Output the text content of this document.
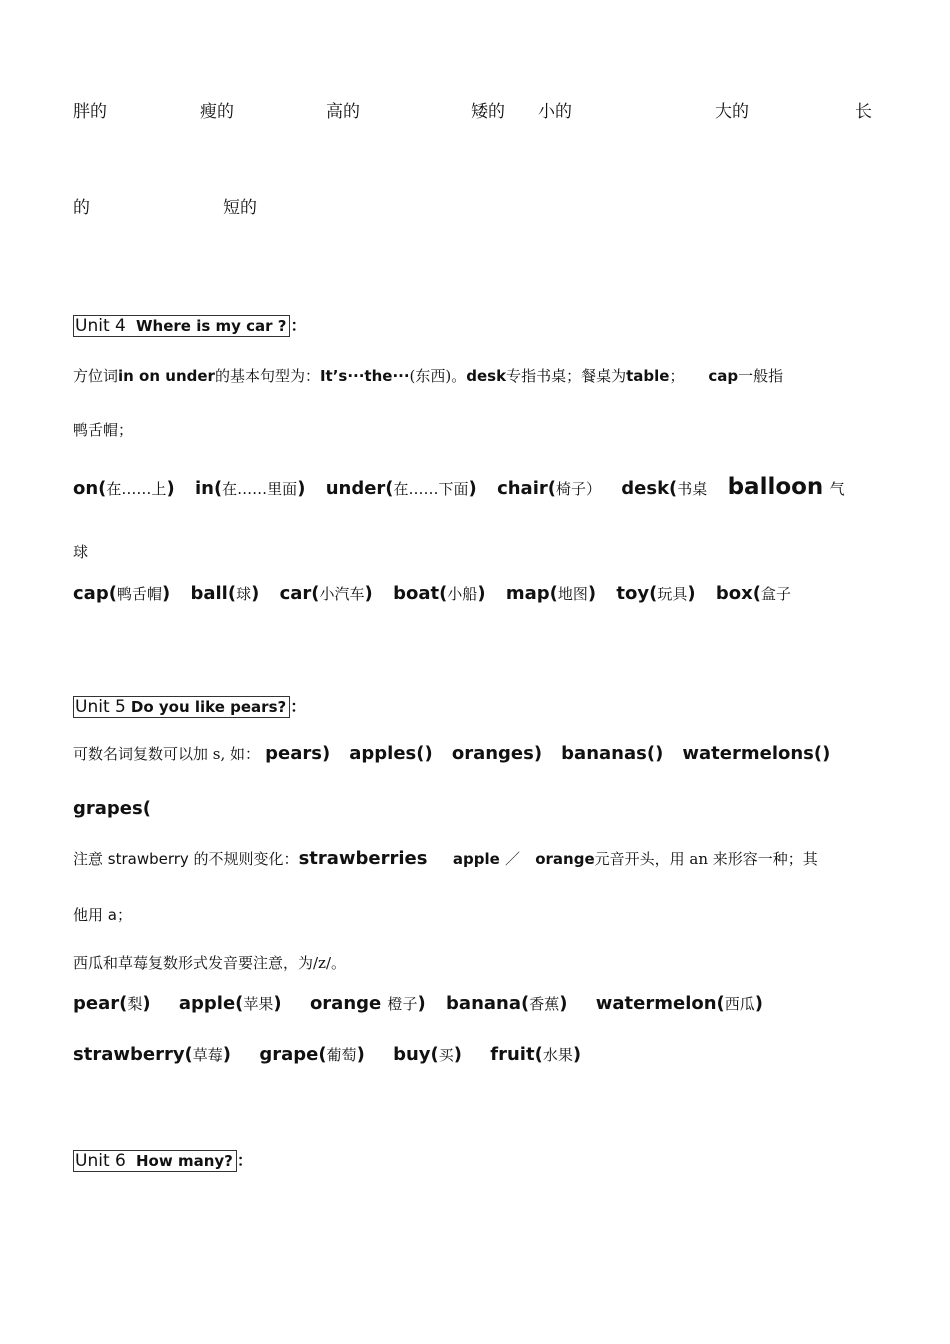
胖的	瘦的	高的	矮的 小的	大的	长
的	短的
Unit 4 Where is my car ? ：
方位词in on under的基本句型为：It’s···the···(东西)。desk专指书桌；餐桌为table； cap一般指
鸭舌帽；
on(在……上) in(在……里面) under(在……下面) chair(椅子） desk(书桌 balloon 气
球
cap(鸭舌帽) ball(球) car(小汽车) boat(小船) map(地图) toy(玩具) box(盒子
Unit 5 Do you like pears? ：
可数名词复数可以加 s, 如： pears) apples() oranges) bananas() watermelons()
grapes(
注意 strawberry 的不规则变化：strawberries apple ／ orange元音开头，用 an 来形容一种；其
他用 a；
西瓜和草莓复数形式发音要注意，为/z/。
pear(梨) apple(苹果) orange 橙子) banana(香蕉) watermelon(西瓜)
strawberry(草莓) grape(葡萄) buy(买) fruit(水果)
Unit 6 How many? ：
